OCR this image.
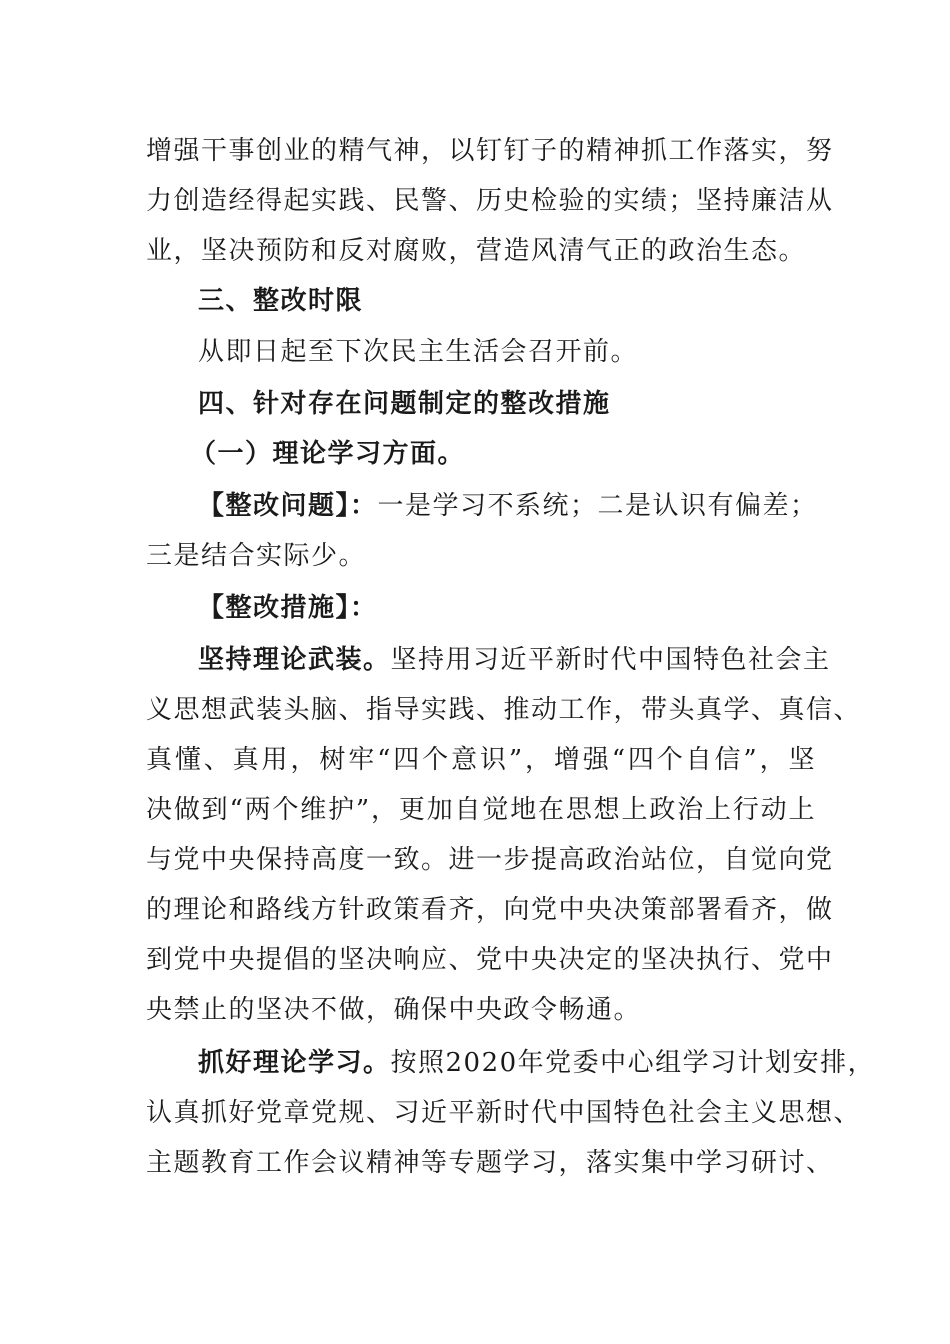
增强干事创业的精气神，以钉钉子的精神抓工作落实，努
力创造经得起实践、民警、历史检验的实绩；坚持廉洁从
业，坚决预防和反对腐败，营造风清气正的政治生态。
三、整改时限
从即日起至下次民主生活会召开前。
四、针对存在问题制定的整改措施
（一）理论学习方面。
【整改问题】：一是学习不系统；二是认识有偏差；
三是结合实际少。
【整改措施】：
坚持理论武装。坚持用习近平新时代中国特色社会主
义思想武装头脑、指导实践、推动工作，带头真学、真信、
真懂、真用，树牢“四个意识”，增强“四个自信”，坚
决做到“两个维护”，更加自觉地在思想上政治上行动上
与党中央保持高度一致。进一步提高政治站位，自觉向党
的理论和路线方针政策看齐，向党中央决策部署看齐，做
到党中央提倡的坚决响应、党中央决定的坚决执行、党中
央禁止的坚决不做，确保中央政令畅通。
抓好理论学习。按照2020年党委中心组学习计划安排，
认真抓好党章党规、习近平新时代中国特色社会主义思想、
主题教育工作会议精神等专题学习，落实集中学习研讨、
